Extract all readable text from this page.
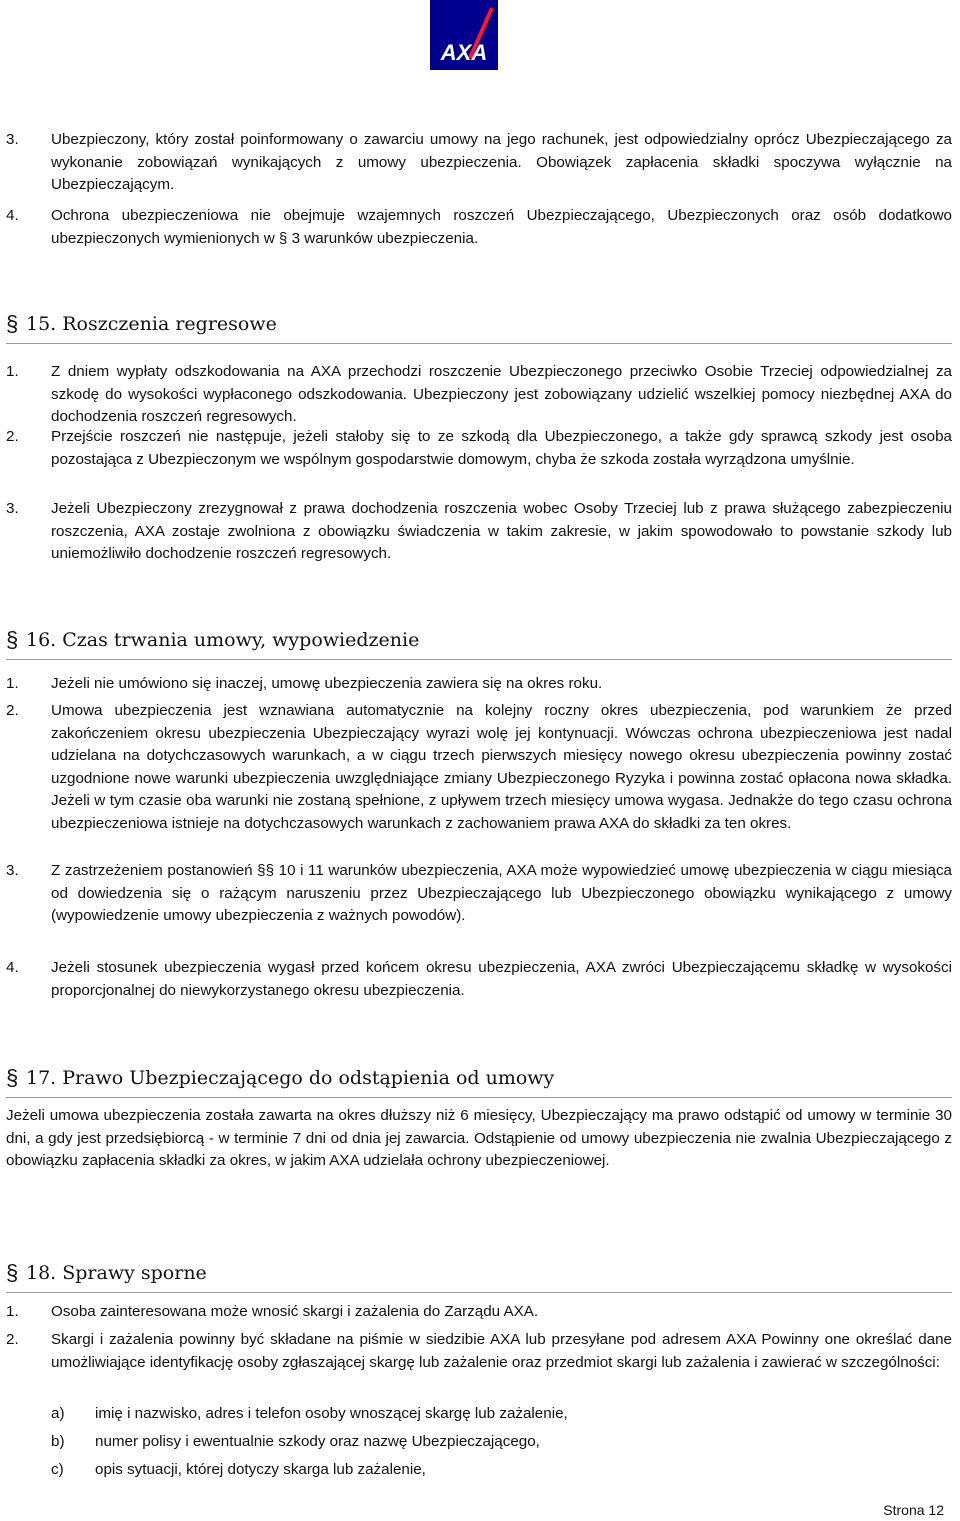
AXA
3. Ubezpieczony, który został poinformowany o zawarciu umowy na jego rachunek, jest odpowiedzialny oprócz Ubezpieczającego za wykonanie zobowiązań wynikających z umowy ubezpieczenia. Obowiązek zapłacenia składki spoczywa wyłącznie na Ubezpieczającym.
4. Ochrona ubezpieczeniowa nie obejmuje wzajemnych roszczeń Ubezpieczającego, Ubezpieczonych oraz osób dodatkowo ubezpieczonych wymienionych w § 3 warunków ubezpieczenia.
§ 15. Roszczenia regresowe
1. Z dniem wypłaty odszkodowania na AXA przechodzi roszczenie Ubezpieczonego przeciwko Osobie Trzeciej odpowiedzialnej za szkodę do wysokości wypłaconego odszkodowania. Ubezpieczony jest zobowiązany udzielić wszelkiej pomocy niezbędnej AXA do dochodzenia roszczeń regresowych.
2. Przejście roszczeń nie następuje, jeżeli stałoby się to ze szkodą dla Ubezpieczonego, a także gdy sprawcą szkody jest osoba pozostająca z Ubezpieczonym we wspólnym gospodarstwie domowym, chyba że szkoda została wyrządzona umyślnie.
3. Jeżeli Ubezpieczony zrezygnował z prawa dochodzenia roszczenia wobec Osoby Trzeciej lub z prawa służącego zabezpieczeniu roszczenia, AXA zostaje zwolniona z obowiązku świadczenia w takim zakresie, w jakim spowodowało to powstanie szkody lub uniemożliwiło dochodzenie roszczeń regresowych.
§ 16. Czas trwania umowy, wypowiedzenie
1. Jeżeli nie umówiono się inaczej, umowę ubezpieczenia zawiera się na okres roku.
2. Umowa ubezpieczenia jest wznawiana automatycznie na kolejny roczny okres ubezpieczenia, pod warunkiem że przed zakończeniem okresu ubezpieczenia Ubezpieczający wyrazi wolę jej kontynuacji. Wówczas ochrona ubezpieczeniowa jest nadal udzielana na dotychczasowych warunkach, a w ciągu trzech pierwszych miesięcy nowego okresu ubezpieczenia powinny zostać uzgodnione nowe warunki ubezpieczenia uwzględniające zmiany Ubezpieczonego Ryzyka i powinna zostać opłacona nowa składka. Jeżeli w tym czasie oba warunki nie zostaną spełnione, z upływem trzech miesięcy umowa wygasa. Jednakże do tego czasu ochrona ubezpieczeniowa istnieje na dotychczasowych warunkach z zachowaniem prawa AXA do składki za ten okres.
3. Z zastrzeżeniem postanowień §§ 10 i 11 warunków ubezpieczenia, AXA może wypowiedzieć umowę ubezpieczenia w ciągu miesiąca od dowiedzenia się o rażącym naruszeniu przez Ubezpieczającego lub Ubezpieczonego obowiązku wynikającego z umowy (wypowiedzenie umowy ubezpieczenia z ważnych powodów).
4. Jeżeli stosunek ubezpieczenia wygasł przed końcem okresu ubezpieczenia, AXA zwróci Ubezpieczającemu składkę w wysokości proporcjonalnej do niewykorzystanego okresu ubezpieczenia.
§ 17. Prawo Ubezpieczającego do odstąpienia od umowy
Jeżeli umowa ubezpieczenia została zawarta na okres dłuższy niż 6 miesięcy, Ubezpieczający ma prawo odstąpić od umowy w terminie 30 dni, a gdy jest przedsiębiorcą - w terminie 7 dni od dnia jej zawarcia. Odstąpienie od umowy ubezpieczenia nie zwalnia Ubezpieczającego z obowiązku zapłacenia składki za okres, w jakim AXA udzielała ochrony ubezpieczeniowej.
§ 18. Sprawy sporne
1. Osoba zainteresowana może wnosić skargi i zażalenia do Zarządu AXA.
2. Skargi i zażalenia powinny być składane na piśmie w siedzibie AXA lub przesyłane pod adresem AXA Powinny one określać dane umożliwiające identyfikację osoby zgłaszającej skargę lub zażalenie oraz przedmiot skargi lub zażalenia i zawierać w szczególności:
a) imię i nazwisko, adres i telefon osoby wnoszącej skargę lub zażalenie,
b) numer polisy i ewentualnie szkody oraz nazwę Ubezpieczającego,
c) opis sytuacji, której dotyczy skarga lub zażalenie,
Strona 12
